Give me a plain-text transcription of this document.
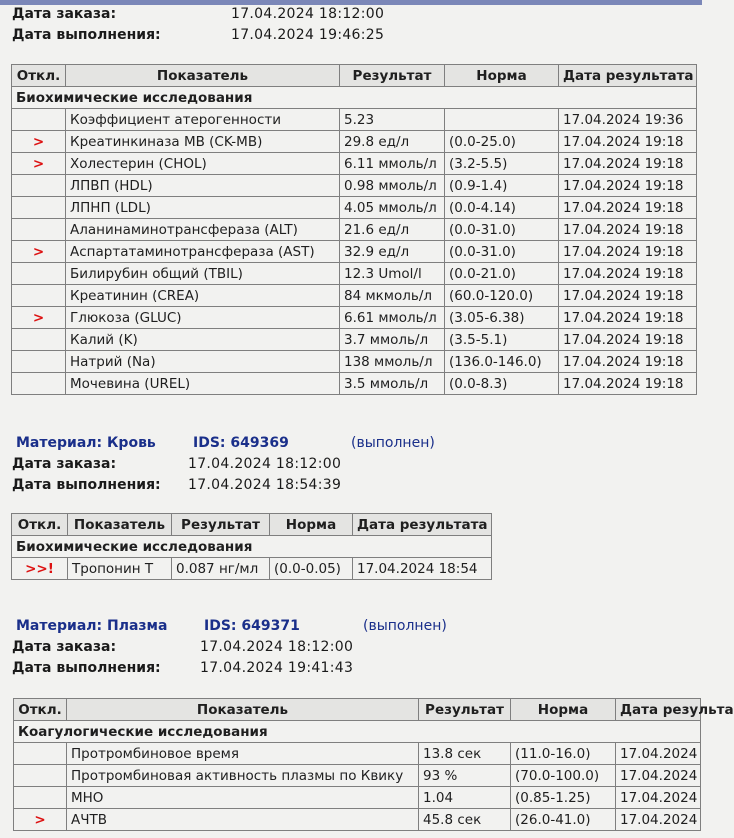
Дата заказа:	17.04.2024 18:12:00
Дата выполнения:	17.04.2024 19:46:25
Откл.	Показатель	Результат	Норма	Дата результата
Биохимические исследования				
	Коэффициент атерогенности	5.23		17.04.2024 19:36
>	Креатинкиназа МВ (CK-MB)	29.8 ед/л	(0.0-25.0)	17.04.2024 19:18
>	Холестерин (CHOL)	6.11 ммоль/л	(3.2-5.5)	17.04.2024 19:18
	ЛПВП (HDL)	0.98 ммоль/л	(0.9-1.4)	17.04.2024 19:18
	ЛПНП (LDL)	4.05 ммоль/л	(0.0-4.14)	17.04.2024 19:18
	Аланинаминотрансфераза (ALT)	21.6 ед/л	(0.0-31.0)	17.04.2024 19:18
>	Аспартатаминотрансфераза (AST)	32.9 ед/л	(0.0-31.0)	17.04.2024 19:18
	Билирубин общий (TBIL)	12.3 Umol/l	(0.0-21.0)	17.04.2024 19:18
	Креатинин (CREA)	84 мкмоль/л	(60.0-120.0)	17.04.2024 19:18
>	Глюкоза (GLUC)	6.61 ммоль/л	(3.05-6.38)	17.04.2024 19:18
	Калий (K)	3.7 ммоль/л	(3.5-5.1)	17.04.2024 19:18
	Натрий (Na)	138 ммоль/л	(136.0-146.0)	17.04.2024 19:18
	Мочевина (UREL)	3.5 ммоль/л	(0.0-8.3)	17.04.2024 19:18
Материал: Кровь	IDS: 649369	(выполнен)
Дата заказа:	17.04.2024 18:12:00
Дата выполнения: 17.04.2024 18:54:39
Откл.	Показатель	Результат	Норма	Дата результата
Биохимические исследования				
>>!	Тропонин Т	0.087 нг/мл	(0.0-0.05)	17.04.2024 18:54
Материал: Плазма	IDS: 649371	(выполнен)
Дата заказа:	17.04.2024 18:12:00
Дата выполнения:	17.04.2024 19:41:43
Откл.	Показатель	Результат	Норма	Дата результа
Коагулогические исследования				
	Протромбиновое время	13.8 сек	(11.0-16.0)	17.04.2024
	Протромбиновая активность плазмы по Квику	93 %	(70.0-100.0)	17.04.2024
	МНО	1.04	(0.85-1.25)	17.04.2024
>	АЧТВ	45.8 сек	(26.0-41.0)	17.04.2024
